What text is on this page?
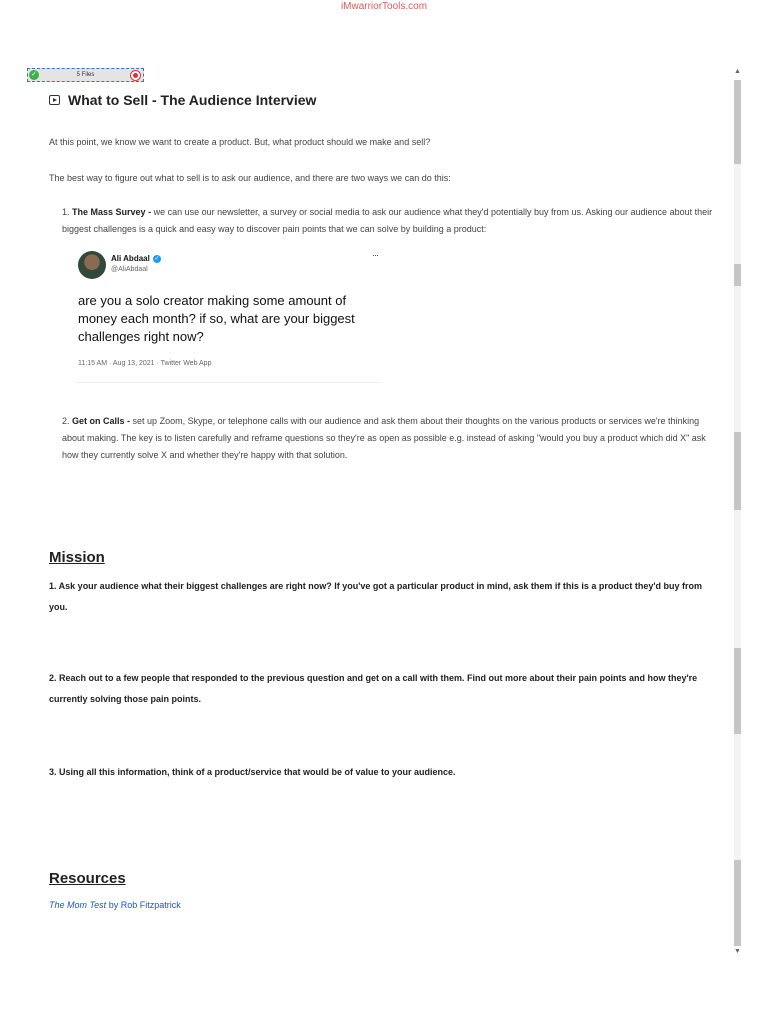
iMwarriorTools.com
✓	5 Files
What to Sell - The Audience Interview
At this point, we know we want to create a product. But, what product should we make and sell?
The best way to figure out what to sell is to ask our audience, and there are two ways we can do this:
1. The Mass Survey - we can use our newsletter, a survey or social media to ask our audience what they'd potentially buy from us. Asking our audience about their biggest challenges is a quick and easy way to discover pain points that we can solve by building a product:
Ali Abdaal ✓
@AliAbdaal
···
are you a solo creator making some amount of money each month? if so, what are your biggest challenges right now?
11:15 AM · Aug 13, 2021 · Twitter Web App
2. Get on Calls - set up Zoom, Skype, or telephone calls with our audience and ask them about their thoughts on the various products or services we're thinking about making. The key is to listen carefully and reframe questions so they're as open as possible e.g. instead of asking "would you buy a product which did X" ask how they currently solve X and whether they're happy with that solution.
Mission
1. Ask your audience what their biggest challenges are right now? If you've got a particular product in mind, ask them if this is a product they'd buy from you.
2. Reach out to a few people that responded to the previous question and get on a call with them. Find out more about their pain points and how they're currently solving those pain points.
3. Using all this information, think of a product/service that would be of value to your audience.
Resources
The Mom Test by Rob Fitzpatrick
▲
▼
